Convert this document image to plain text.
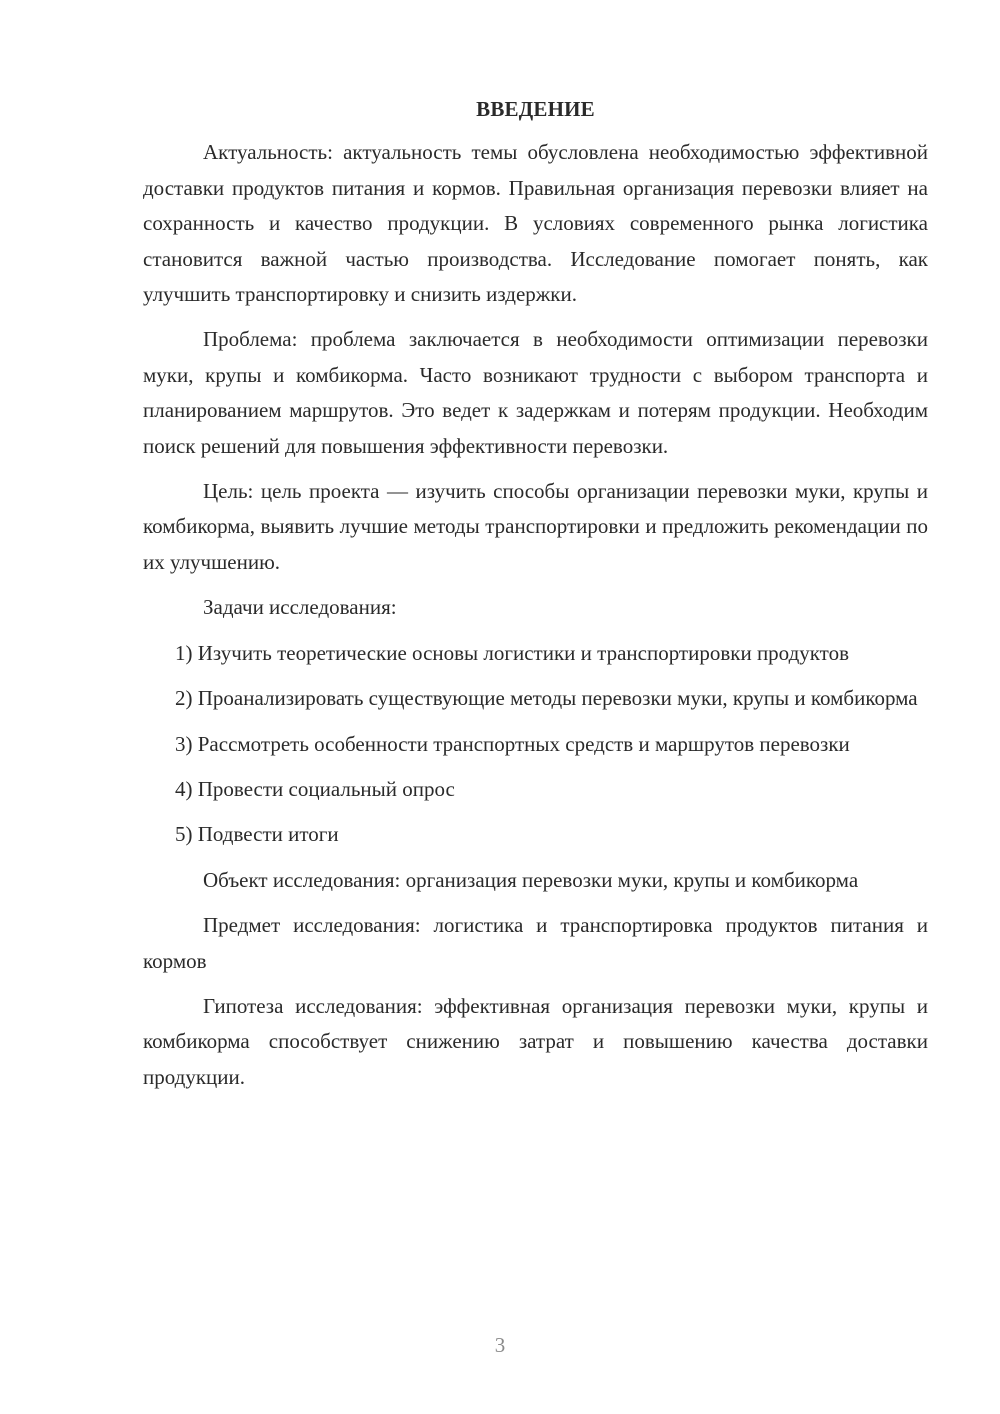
ВВЕДЕНИЕ

Актуальность: актуальность темы обусловлена необходимостью эффективной доставки продуктов питания и кормов. Правильная организация перевозки влияет на сохранность и качество продукции. В условиях современного рынка логистика становится важной частью производства. Исследование помогает понять, как улучшить транспортировку и снизить издержки.

Проблема: проблема заключается в необходимости оптимизации перевозки муки, крупы и комбикорма. Часто возникают трудности с выбором транспорта и планированием маршрутов. Это ведет к задержкам и потерям продукции. Необходим поиск решений для повышения эффективности перевозки.

Цель: цель проекта — изучить способы организации перевозки муки, крупы и комбикорма, выявить лучшие методы транспортировки и предложить рекомендации по их улучшению.

Задачи исследования:

1) Изучить теоретические основы логистики и транспортировки продуктов

2) Проанализировать существующие методы перевозки муки, крупы и комбикорма

3) Рассмотреть особенности транспортных средств и маршрутов перевозки

4) Провести социальный опрос

5) Подвести итоги

Объект исследования: организация перевозки муки, крупы и комбикорма

Предмет исследования: логистика и транспортировка продуктов питания и кормов

Гипотеза исследования: эффективная организация перевозки муки, крупы и комбикорма способствует снижению затрат и повышению качества доставки продукции.

3
